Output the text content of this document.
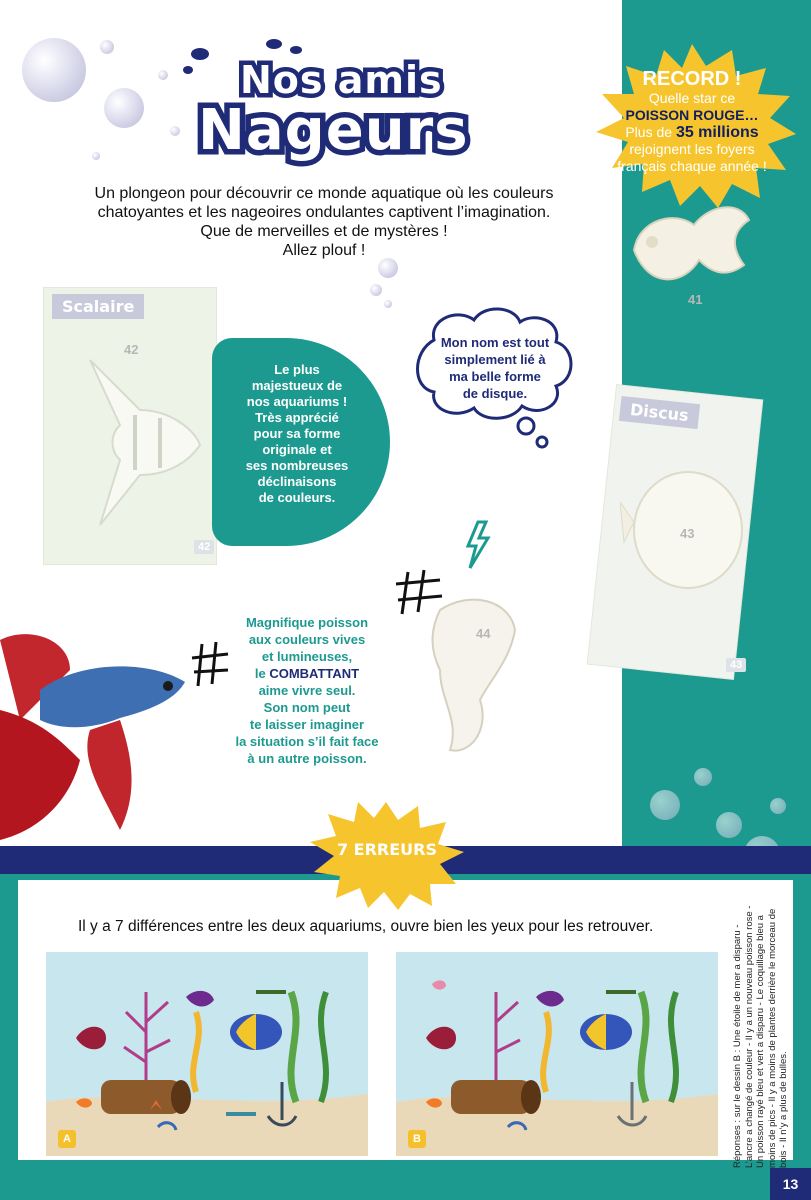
Nos amis
Nageurs
Un plongeon pour découvrir ce monde aquatique où les couleurs
chatoyantes et les nageoires ondulantes captivent l’imagination.
Que de merveilles et de mystères !
Allez plouf !
RECORD !
Quelle star ce
POISSON ROUGE…
Plus de 35 millions
rejoignent les foyers
français chaque année !
41
Scalaire
42
42
Le plus
majestueux de
nos aquariums !
Très apprécié
pour sa forme
originale et
ses nombreuses
déclinaisons
de couleurs.
Mon nom est tout
simplement lié à
ma belle forme
de disque.
Discus
43
43
44
Magnifique poisson
aux couleurs vives
et lumineuses,
le COMBATTANT
aime vivre seul.
Son nom peut
te laisser imaginer
la situation s’il fait face
à un autre poisson.
7 ERREURS
Il y a 7 différences entre les deux aquariums, ouvre bien les yeux pour les retrouver.
A	B	Réponses : sur le dessin B : Une étoile de mer a disparu - L’ancre a changé de couleur - Il y a un nouveau poisson rose - Un poisson rayé bleu et vert a disparu - Le coquillage bleu a moins de pics - Il y a moins de plantes derrière le morceau de bois - Il n’y a plus de bulles.
13
